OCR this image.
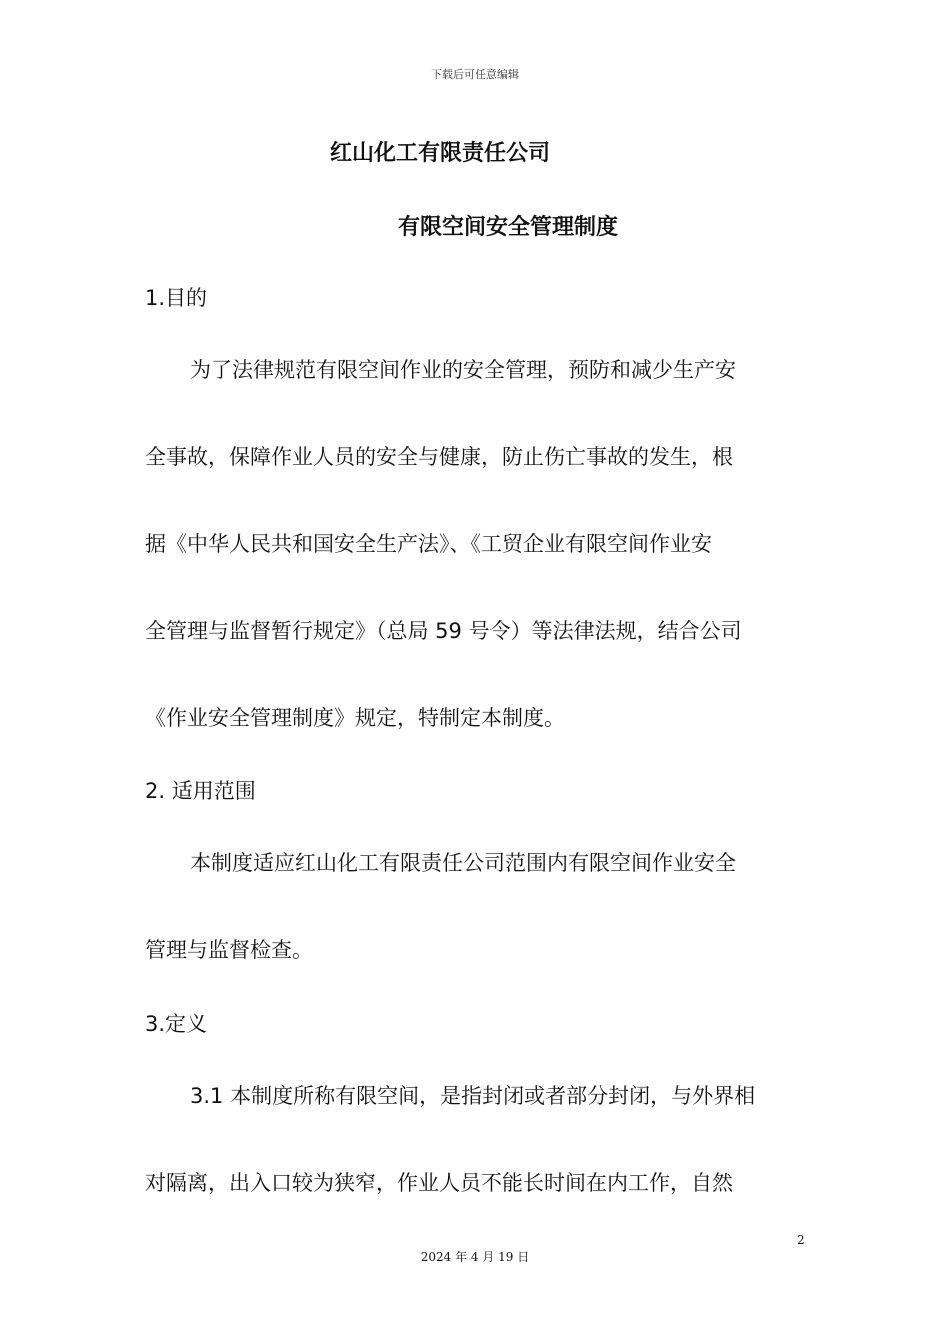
下载后可任意编辑
红山化工有限责任公司
有限空间安全管理制度
1.目的
为了法律规范有限空间作业的安全管理，预防和减少生产安
全事故，保障作业人员的安全与健康，防止伤亡事故的发生，根
据《中华人民共和国安全生产法》、《工贸企业有限空间作业安
全管理与监督暂行规定》（总局 59 号令）等法律法规，结合公司
《作业安全管理制度》规定，特制定本制度。
2. 适用范围
本制度适应红山化工有限责任公司范围内有限空间作业安全
管理与监督检查。
3.定义
3.1 本制度所称有限空间，是指封闭或者部分封闭，与外界相
对隔离，出入口较为狭窄，作业人员不能长时间在内工作，自然
2
2024 年 4 月 19 日
